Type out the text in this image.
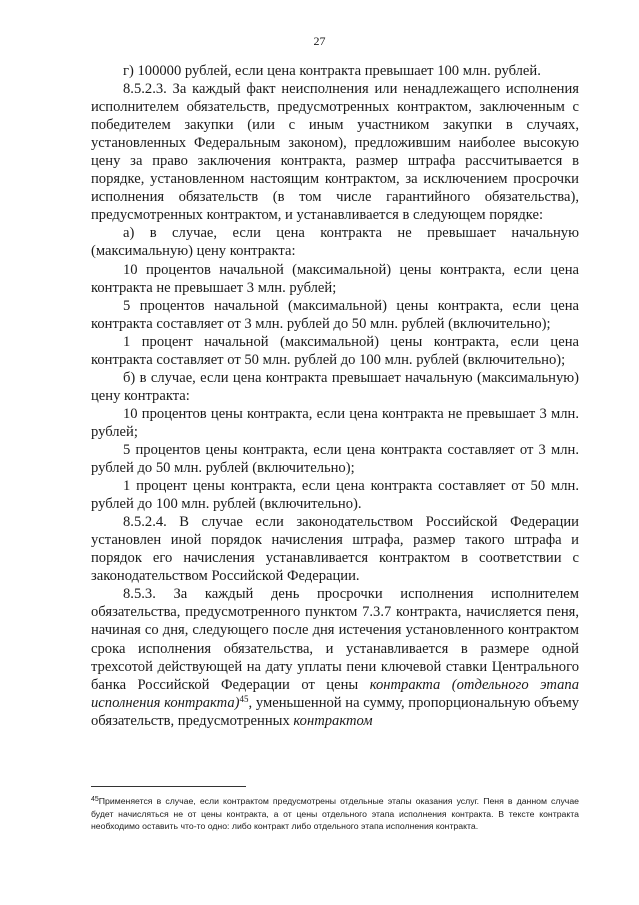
27

г) 100000 рублей, если цена контракта превышает 100 млн. рублей.

8.5.2.3. За каждый факт неисполнения или ненадлежащего исполнения исполнителем обязательств, предусмотренных контрактом, заключенным с победителем закупки (или с иным участником закупки в случаях, установленных Федеральным законом), предложившим наиболее высокую цену за право заключения контракта, размер штрафа рассчитывается в порядке, установленном настоящим контрактом, за исключением просрочки исполнения обязательств (в том числе гарантийного обязательства), предусмотренных контрактом, и устанавливается в следующем порядке:

а) в случае, если цена контракта не превышает начальную (максимальную) цену контракта:

10 процентов начальной (максимальной) цены контракта, если цена контракта не превышает 3 млн. рублей;

5 процентов начальной (максимальной) цены контракта, если цена контракта составляет от 3 млн. рублей до 50 млн. рублей (включительно);

1 процент начальной (максимальной) цены контракта, если цена контракта составляет от 50 млн. рублей до 100 млн. рублей (включительно);

б) в случае, если цена контракта превышает начальную (максимальную) цену контракта:

10 процентов цены контракта, если цена контракта не превышает 3 млн. рублей;

5 процентов цены контракта, если цена контракта составляет от 3 млн. рублей до 50 млн. рублей (включительно);

1 процент цены контракта, если цена контракта составляет от 50 млн. рублей до 100 млн. рублей (включительно).

8.5.2.4. В случае если законодательством Российской Федерации установлен иной порядок начисления штрафа, размер такого штрафа и порядок его начисления устанавливается контрактом в соответствии с законодательством Российской Федерации.

8.5.3. За каждый день просрочки исполнения исполнителем обязательства, предусмотренного пунктом 7.3.7 контракта, начисляется пеня, начиная со дня, следующего после дня истечения установленного контрактом срока исполнения обязательства, и устанавливается в размере одной трехсотой действующей на дату уплаты пени ключевой ставки Центрального банка Российской Федерации от цены контракта (отдельного этапа исполнения контракта)$^{45}$, уменьшенной на сумму, пропорциональную объему обязательств, предусмотренных контрактом

$^{45}$Применяется в случае, если контрактом предусмотрены отдельные этапы оказания услуг. Пеня в данном случае будет начисляться не от цены контракта, а от цены отдельного этапа исполнения контракта. В тексте контракта необходимо оставить что-то одно: либо контракт либо отдельного этапа исполнения контракта.
